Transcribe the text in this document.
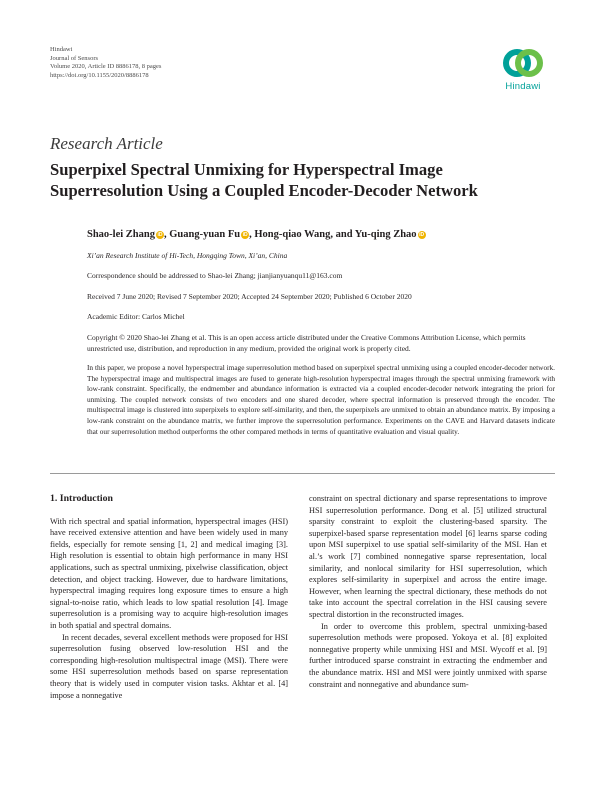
Hindawi
Journal of Sensors
Volume 2020, Article ID 8886178, 8 pages
https://doi.org/10.1155/2020/8886178
Hindawi
Research Article
Superpixel Spectral Unmixing for Hyperspectral Image Superresolution Using a Coupled Encoder-Decoder Network
Shao-lei Zhang iD , Guang-yuan Fu iD , Hong-qiao Wang, and Yu-qing Zhao iD
Xi’an Research Institute of Hi-Tech, Hongqing Town, Xi’an, China
Correspondence should be addressed to Shao-lei Zhang; jianjianyuanqu11@163.com
Received 7 June 2020; Revised 7 September 2020; Accepted 24 September 2020; Published 6 October 2020
Academic Editor: Carlos Michel
Copyright © 2020 Shao-lei Zhang et al. This is an open access article distributed under the Creative Commons Attribution License, which permits unrestricted use, distribution, and reproduction in any medium, provided the original work is properly cited.
In this paper, we propose a novel hyperspectral image superresolution method based on superpixel spectral unmixing using a coupled encoder-decoder network. The hyperspectral image and multispectral images are fused to generate high-resolution hyperspectral images through the spectral unmixing framework with low-rank constraint. Specifically, the endmember and abundance information is extracted via a coupled encoder-decoder network integrating the priori for unmixing. The coupled network consists of two encoders and one shared decoder, where spectral information is preserved through the encoder. The multispectral image is clustered into superpixels to explore self-similarity, and then, the superpixels are unmixed to obtain an abundance matrix. By imposing a low-rank constraint on the abundance matrix, we further improve the superresolution performance. Experiments on the CAVE and Harvard datasets indicate that our superresolution method outperforms the other compared methods in terms of quantitative evaluation and visual quality.
1. Introduction

With rich spectral and spatial information, hyperspectral images (HSI) have received extensive attention and have been widely used in many fields, especially for remote sensing [1, 2] and medical imaging [3]. High resolution is essential to obtain high performance in many HSI applications, such as spectral unmixing, pixelwise classification, object detection, and object tracking. However, due to hardware limitations, hyperspectral imaging requires long exposure times to ensure a high signal-to-noise ratio, which leads to low spatial resolution [4]. Image superresolution is a promising way to acquire high-resolution images in both spatial and spectral domains.

In recent decades, several excellent methods were proposed for HSI superresolution fusing observed low-resolution HSI and the corresponding high-resolution multispectral image (MSI). There were some HSI superresolution methods based on sparse representation theory that is widely used in computer vision tasks. Akhtar et al. [4] impose a nonnegative

constraint on spectral dictionary and sparse representations to improve HSI superresolution performance. Dong et al. [5] utilized structural sparsity constraint to exploit the clustering-based sparsity. The superpixel-based sparse representation model [6] learns sparse coding upon MSI superpixel to use spatial self-similarity of the MSI. Han et al.’s work [7] combined nonnegative sparse representation, local similarity, and nonlocal similarity for HSI superresolution, which explores self-similarity in superpixel and across the entire image. However, when learning the spectral dictionary, these methods do not take into account the spectral correlation in the HSI causing severe spectral distortion in the reconstructed images.

In order to overcome this problem, spectral unmixing-based superresolution methods were proposed. Yokoya et al. [8] exploited nonnegative property while unmixing HSI and MSI. Wycoff et al. [9] further introduced sparse constraint in extracting the endmember and the abundance matrix. HSI and MSI were jointly unmixed with sparse constraint and nonnegative and abundance sum-
